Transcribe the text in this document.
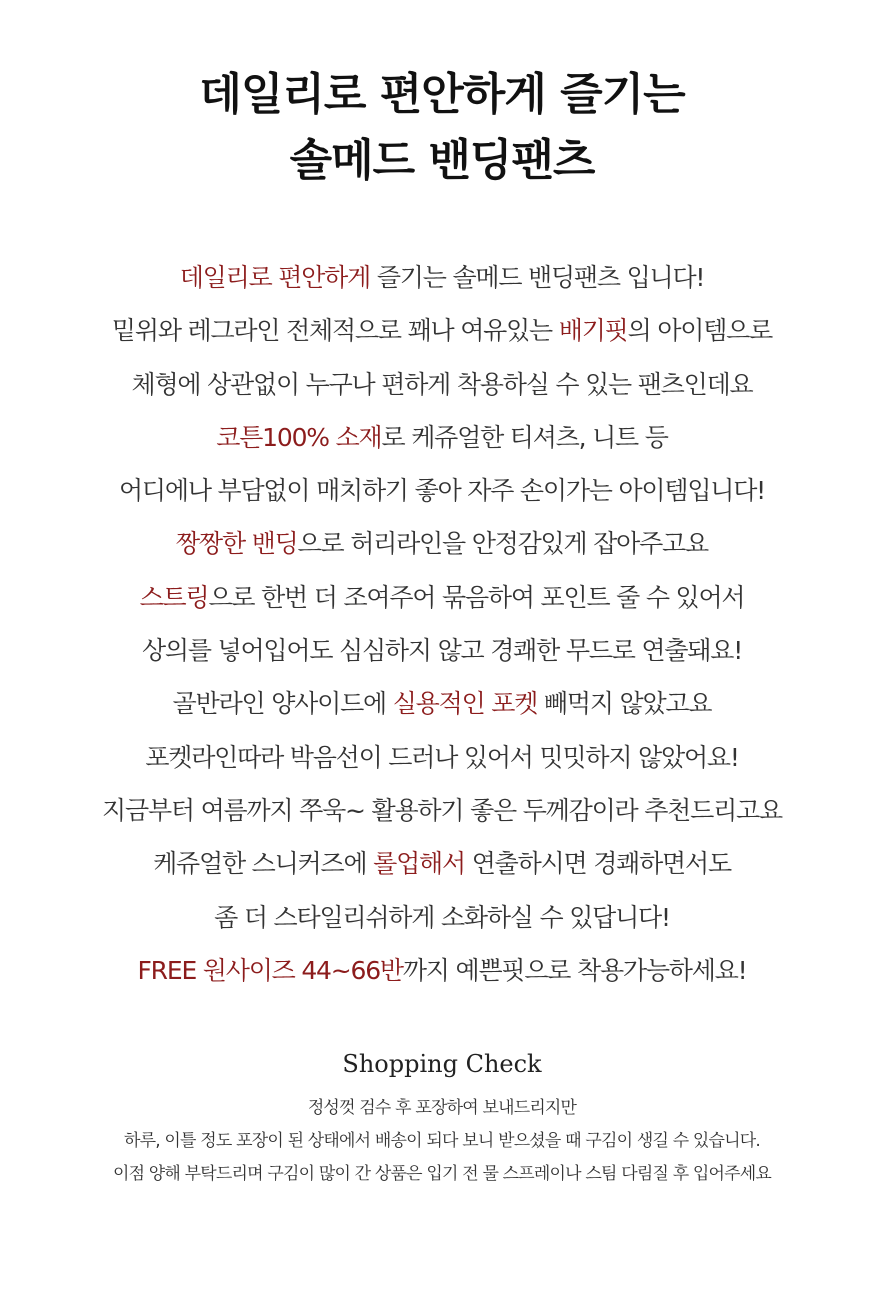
데일리로 편안하게 즐기는
솔메드 밴딩팬츠
데일리로 편안하게 즐기는 솔메드 밴딩팬츠 입니다!
밑위와 레그라인 전체적으로 꽤나 여유있는 배기핏의 아이템으로
체형에 상관없이 누구나 편하게 착용하실 수 있는 팬츠인데요
코튼100% 소재로 케쥬얼한 티셔츠, 니트 등
어디에나 부담없이 매치하기 좋아 자주 손이가는 아이템입니다!
짱짱한 밴딩으로 허리라인을 안정감있게 잡아주고요
스트링으로 한번 더 조여주어 묶음하여 포인트 줄 수 있어서
상의를 넣어입어도 심심하지 않고 경쾌한 무드로 연출돼요!
골반라인 양사이드에 실용적인 포켓 빼먹지 않았고요
포켓라인따라 박음선이 드러나 있어서 밋밋하지 않았어요!
지금부터 여름까지 쭈욱~ 활용하기 좋은 두께감이라 추천드리고요
케쥬얼한 스니커즈에 롤업해서 연출하시면 경쾌하면서도
좀 더 스타일리쉬하게 소화하실 수 있답니다!
FREE 원사이즈 44~66반까지 예쁜핏으로 착용가능하세요!
Shopping Check
정성껏 검수 후 포장하여 보내드리지만
하루, 이틀 정도 포장이 된 상태에서 배송이 되다 보니 받으셨을 때 구김이 생길 수 있습니다.
이점 양해 부탁드리며 구김이 많이 간 상품은 입기 전 물 스프레이나 스팀 다림질 후 입어주세요
